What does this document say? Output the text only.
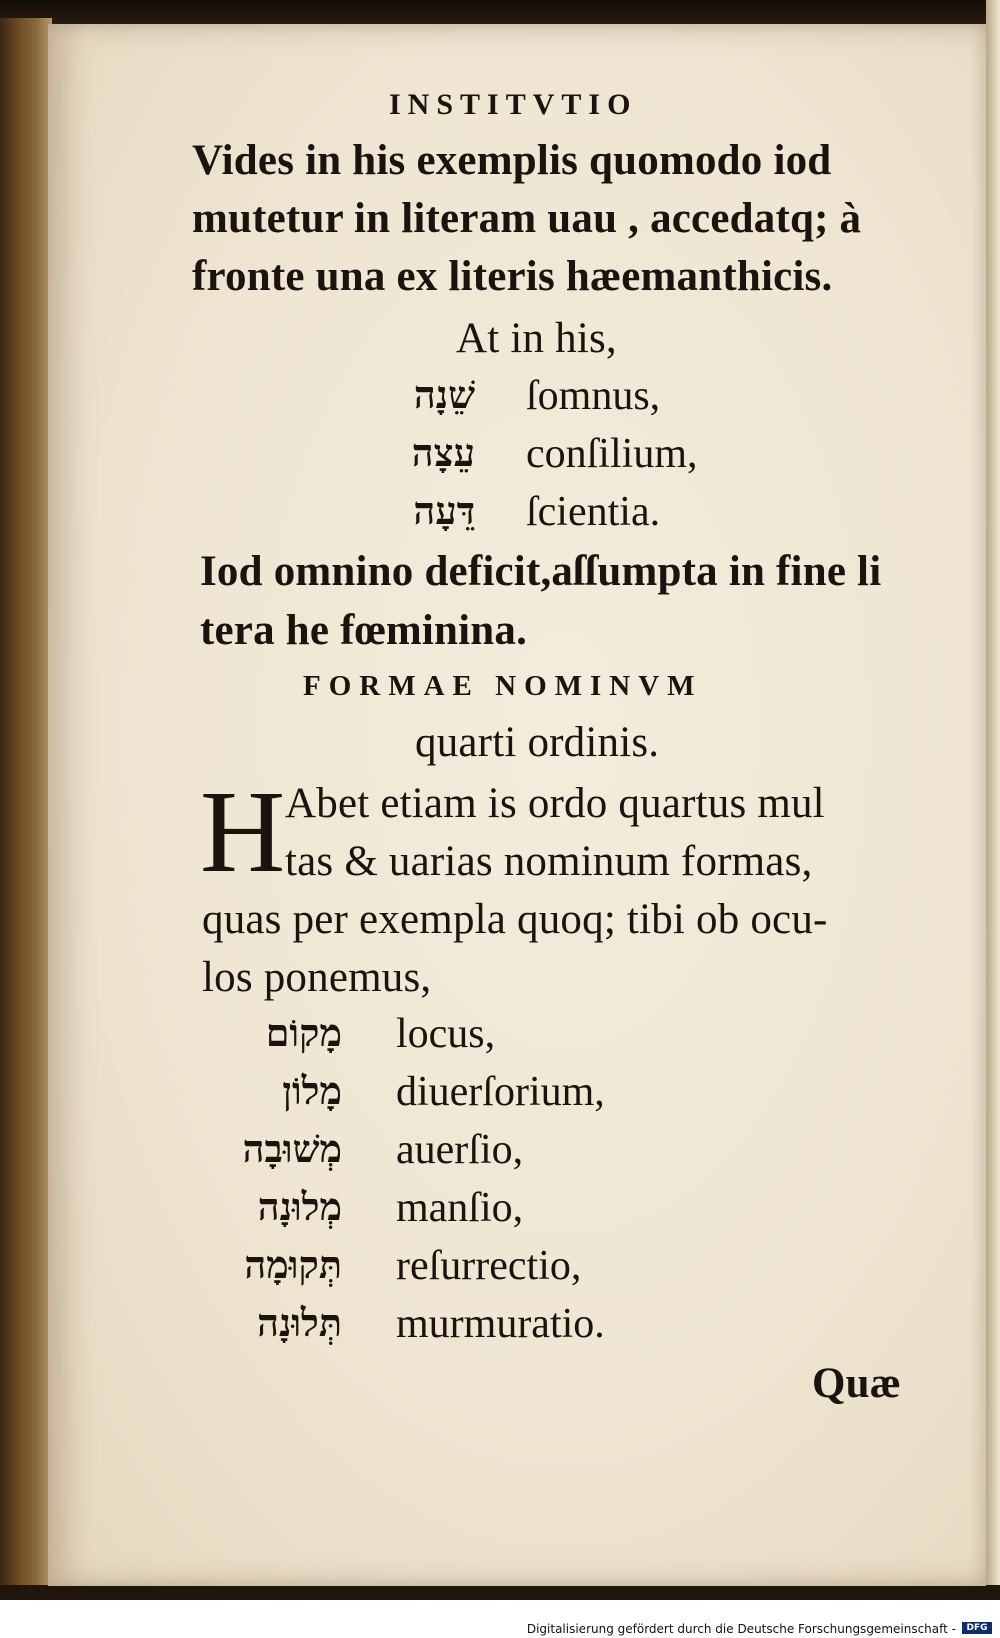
INSTITVTIO
Vides in his exemplis quomodo iod
mutetur in literam uau , accedatq; à
fronte una ex literis hæemanthicis.
At in his,
שֵׁנָה ſomnus,
עֵצָה conſilium,
דֵּעָה ſcientia.
Iod omnino deficit,aſſumpta in fine li
tera he fœminina.
FORMAE NOMINVM
quarti ordinis.
H Abet etiam is ordo quartus mul
tas & uarias nominum formas,
quas per exempla quoq; tibi ob ocu-
los ponemus,
מָקוֹם locus,
מָלוֹן diuerſorium,
מְשׁוּבָה auerſio,
מְלוּנָה manſio,
תְּקוּמָה reſurrectio,
תְּלוּנָה murmuratio.
Quæ
Digitalisierung gefördert durch die Deutsche Forschungsgemeinschaft -	DFG
